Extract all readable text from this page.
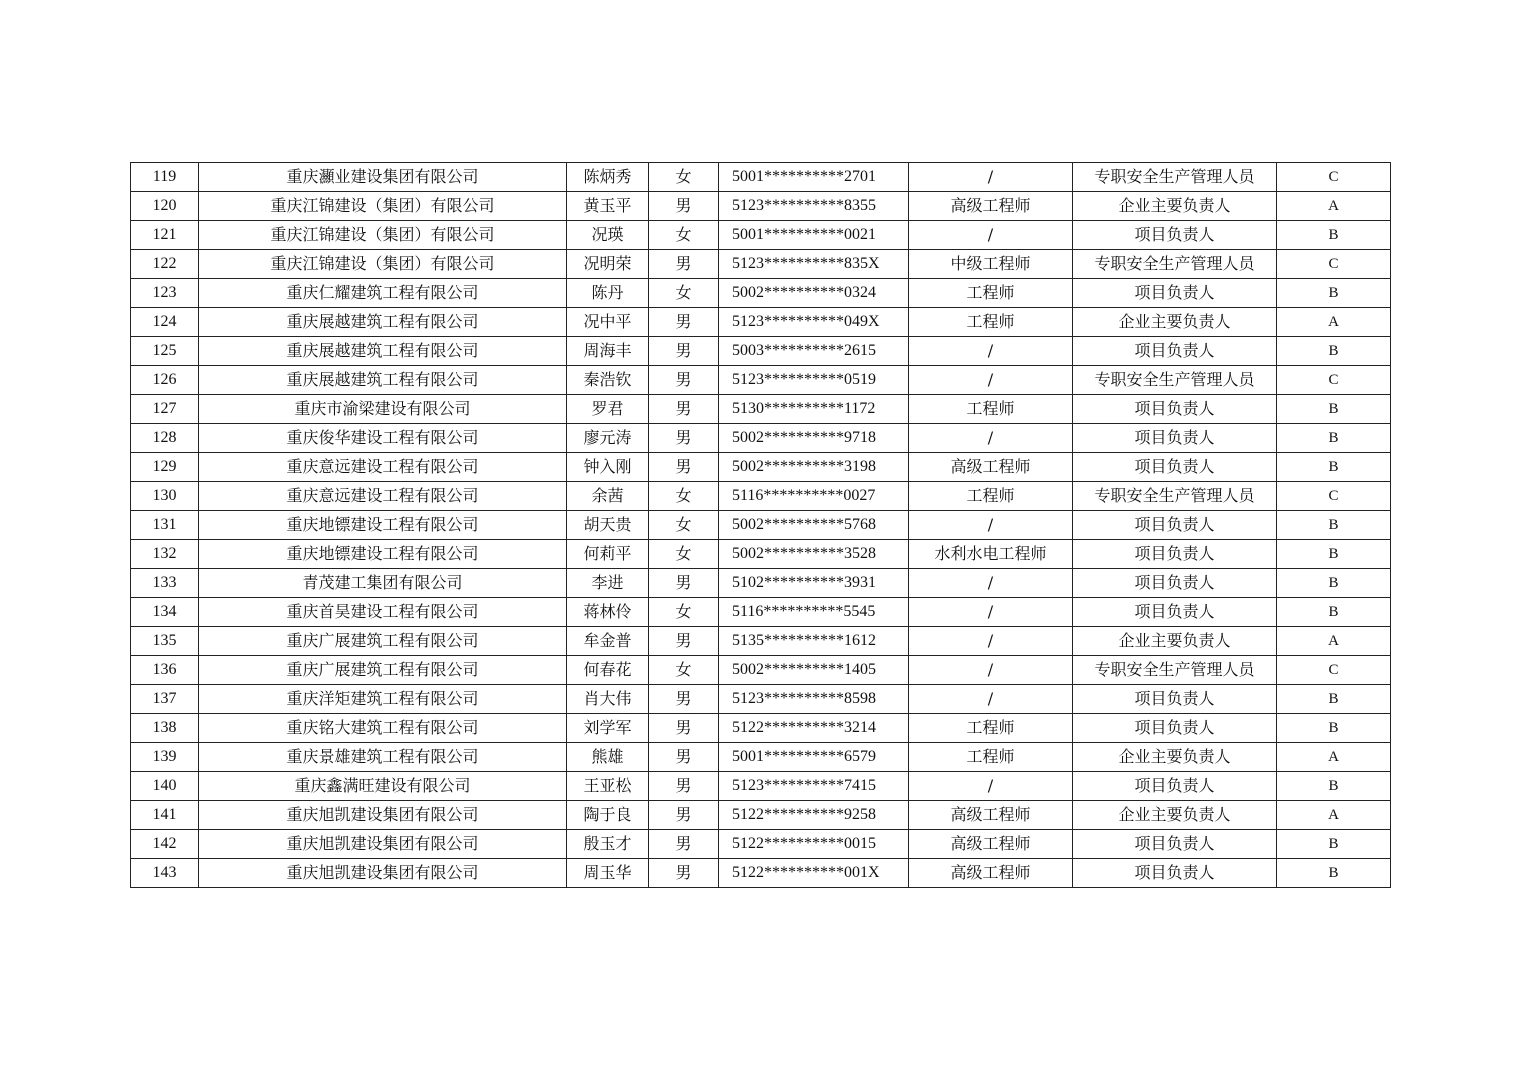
119	重庆灦业建设集团有限公司	陈炳秀	女	5001**********2701	/	专职安全生产管理人员	C
120	重庆江锦建设（集团）有限公司	黄玉平	男	5123**********8355	高级工程师	企业主要负责人	A
121	重庆江锦建设（集团）有限公司	况瑛	女	5001**********0021	/	项目负责人	B
122	重庆江锦建设（集团）有限公司	况明荣	男	5123**********835X	中级工程师	专职安全生产管理人员	C
123	重庆仁耀建筑工程有限公司	陈丹	女	5002**********0324	工程师	项目负责人	B
124	重庆展越建筑工程有限公司	况中平	男	5123**********049X	工程师	企业主要负责人	A
125	重庆展越建筑工程有限公司	周海丰	男	5003**********2615	/	项目负责人	B
126	重庆展越建筑工程有限公司	秦浩钦	男	5123**********0519	/	专职安全生产管理人员	C
127	重庆市渝梁建设有限公司	罗君	男	5130**********1172	工程师	项目负责人	B
128	重庆俊华建设工程有限公司	廖元涛	男	5002**********9718	/	项目负责人	B
129	重庆意远建设工程有限公司	钟入刚	男	5002**********3198	高级工程师	项目负责人	B
130	重庆意远建设工程有限公司	余茜	女	5116**********0027	工程师	专职安全生产管理人员	C
131	重庆地镖建设工程有限公司	胡天贵	女	5002**********5768	/	项目负责人	B
132	重庆地镖建设工程有限公司	何莉平	女	5002**********3528	水利水电工程师	项目负责人	B
133	青茂建工集团有限公司	李进	男	5102**********3931	/	项目负责人	B
134	重庆首昊建设工程有限公司	蒋林伶	女	5116**********5545	/	项目负责人	B
135	重庆广展建筑工程有限公司	牟金普	男	5135**********1612	/	企业主要负责人	A
136	重庆广展建筑工程有限公司	何春花	女	5002**********1405	/	专职安全生产管理人员	C
137	重庆洋矩建筑工程有限公司	肖大伟	男	5123**********8598	/	项目负责人	B
138	重庆铭大建筑工程有限公司	刘学军	男	5122**********3214	工程师	项目负责人	B
139	重庆景雄建筑工程有限公司	熊雄	男	5001**********6579	工程师	企业主要负责人	A
140	重庆鑫满旺建设有限公司	王亚松	男	5123**********7415	/	项目负责人	B
141	重庆旭凯建设集团有限公司	陶于良	男	5122**********9258	高级工程师	企业主要负责人	A
142	重庆旭凯建设集团有限公司	殷玉才	男	5122**********0015	高级工程师	项目负责人	B
143	重庆旭凯建设集团有限公司	周玉华	男	5122**********001X	高级工程师	项目负责人	B
